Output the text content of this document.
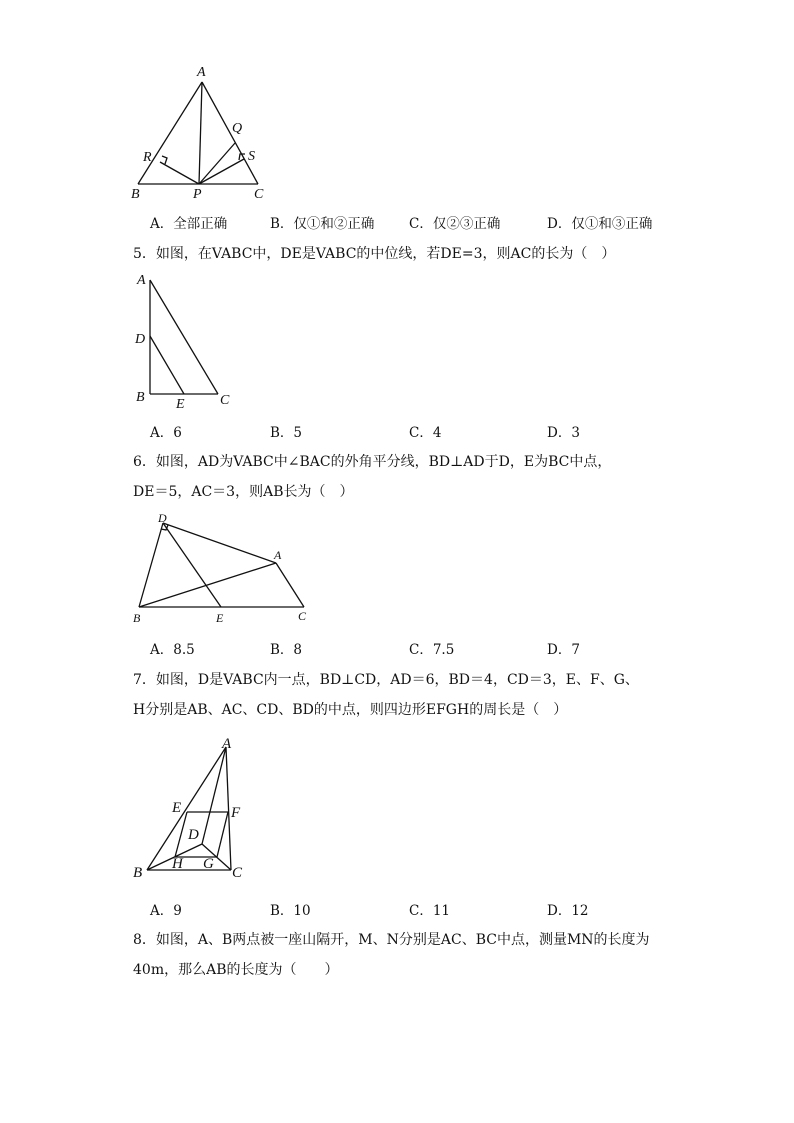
A
Q
R	S
B	P	C
A．全部正确	B．仅①和②正确	C．仅②③正确	D．仅①和③正确
5．如图，在VABC中，DE是VABC的中位线，若DE=3，则AC的长为（　）
A
D
B E	C
A．6	B．5	C．4	D．3
6．如图，AD为VABC中∠BAC的外角平分线，BD⊥AD于D，E为BC中点，
DE＝5，AC＝3，则AB长为（　）
D
A
B	E	C
A．8.5	B．8	C．7.5	D．7
7．如图，D是VABC内一点，BD⊥CD，AD＝6，BD＝4，CD＝3，E、F、G、
H分别是AB、AC、CD、BD的中点，则四边形EFGH的周长是（　）
A
E	F
D
B
H G
C
A．9	B．10	C．11	D．12
8．如图，A、B两点被一座山隔开，M、N分别是AC、BC中点，测量MN的长度为
40m，那么AB的长度为（　　）
